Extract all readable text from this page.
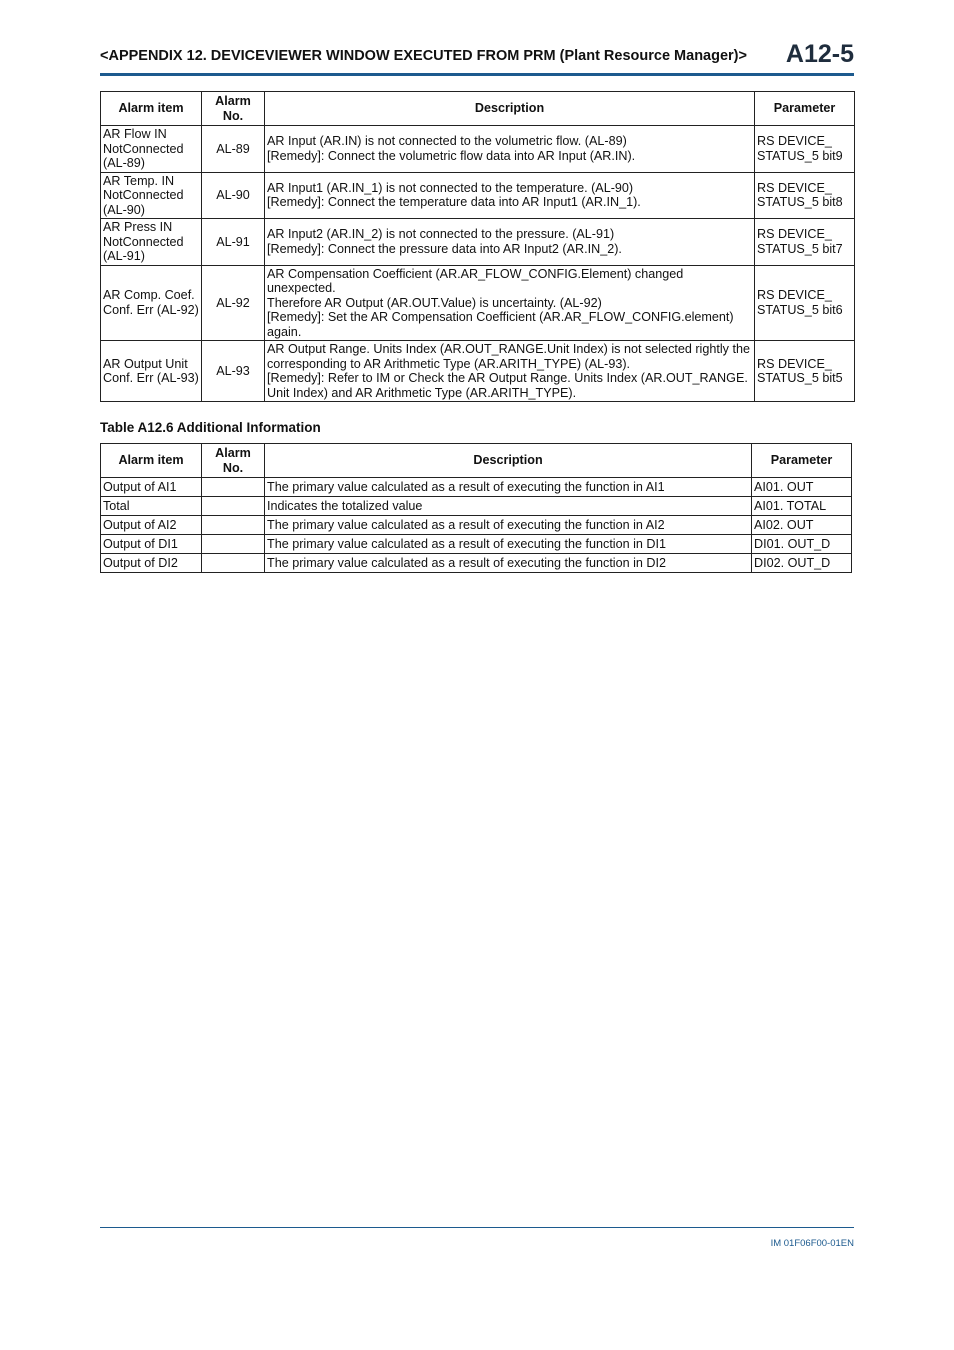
<APPENDIX 12. DEVICEVIEWER WINDOW EXECUTED FROM PRM (Plant Resource Manager)> A12-5
Alarm item	Alarm No.	Description	Parameter

AR Flow IN
NotConnected
(AL-89)	AL-89	AR Input (AR.IN) is not connected to the volumetric flow. (AL-89)
[Remedy]: Connect the volumetric flow data into AR Input (AR.IN).	RS DEVICE_
STATUS_5 bit9

AR Temp. IN
NotConnected
(AL-90)	AL-90	AR Input1 (AR.IN_1) is not connected to the temperature. (AL-90)
[Remedy]: Connect the temperature data into AR Input1 (AR.IN_1).	RS DEVICE_
STATUS_5 bit8

AR Press IN
NotConnected
(AL-91)	AL-91	AR Input2 (AR.IN_2) is not connected to the pressure. (AL-91)
[Remedy]: Connect the pressure data into AR Input2 (AR.IN_2).	RS DEVICE_
STATUS_5 bit7

AR Comp. Coef.
Conf. Err (AL-92)	AL-92	AR Compensation Coefficient (AR.AR_FLOW_CONFIG.Element) changed unexpected.
Therefore AR Output (AR.OUT.Value) is uncertainty. (AL-92)
[Remedy]: Set the AR Compensation Coefficient (AR.AR_FLOW_CONFIG.element)
again.	RS DEVICE_
STATUS_5 bit6

AR Output Unit
Conf. Err (AL-93)	AL-93	AR Output Range. Units Index (AR.OUT_RANGE.Unit Index) is not selected rightly the
corresponding to AR Arithmetic Type (AR.ARITH_TYPE) (AL-93).
[Remedy]: Refer to IM or Check the AR Output Range. Units Index (AR.OUT_RANGE.
Unit Index) and AR Arithmetic Type (AR.ARITH_TYPE).	RS DEVICE_
STATUS_5 bit5
Table A12.6 Additional Information
Alarm item	Alarm No.	Description	Parameter
Output of AI1		The primary value calculated as a result of executing the function in AI1	AI01. OUT
Total		Indicates the totalized value	AI01. TOTAL
Output of AI2		The primary value calculated as a result of executing the function in AI2	AI02. OUT
Output of DI1		The primary value calculated as a result of executing the function in DI1	DI01. OUT_D
Output of DI2		The primary value calculated as a result of executing the function in DI2	DI02. OUT_D
IM 01F06F00-01EN
